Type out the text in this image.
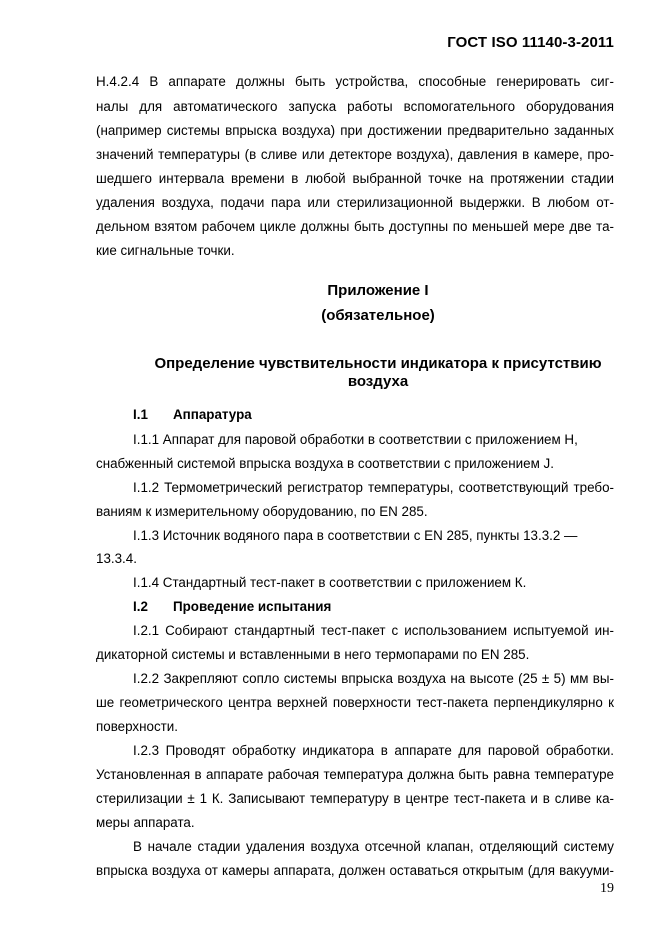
ГОСТ ISO 11140-3-2011
Н.4.2.4 В аппарате должны быть устройства, способные генерировать сиг-
налы для автоматического запуска работы вспомогательного оборудования
(например системы впрыска воздуха) при достижении предварительно заданных
значений температуры (в сливе или детекторе воздуха), давления в камере, про-
шедшего интервала времени в любой выбранной точке на протяжении стадии
удаления воздуха, подачи пара или стерилизационной выдержки. В любом от-
дельном взятом рабочем цикле должны быть доступны по меньшей мере две та-
кие сигнальные точки.
Приложение I
(обязательное)
Определение чувствительности индикатора к присутствию воздуха
I.1 Аппаратура
I.1.1 Аппарат для паровой обработки в соответствии с приложением Н,
снабженный системой впрыска воздуха в соответствии с приложением J.
I.1.2 Термометрический регистратор температуры, соответствующий требо-
ваниям к измерительному оборудованию, по EN 285.
I.1.3 Источник водяного пара в соответствии с EN 285, пункты 13.3.2 —
13.3.4.
I.1.4 Стандартный тест-пакет в соответствии с приложением К.
I.2 Проведение испытания
I.2.1 Собирают стандартный тест-пакет с использованием испытуемой ин-
дикаторной системы и вставленными в него термопарами по EN 285.
I.2.2 Закрепляют сопло системы впрыска воздуха на высоте (25 ± 5) мм вы-
ше геометрического центра верхней поверхности тест-пакета перпендикулярно к
поверхности.
I.2.3 Проводят обработку индикатора в аппарате для паровой обработки.
Установленная в аппарате рабочая температура должна быть равна температуре
стерилизации ± 1 К. Записывают температуру в центре тест-пакета и в сливе ка-
меры аппарата.
В начале стадии удаления воздуха отсечной клапан, отделяющий систему
впрыска воздуха от камеры аппарата, должен оставаться открытым (для вакууми-
19
